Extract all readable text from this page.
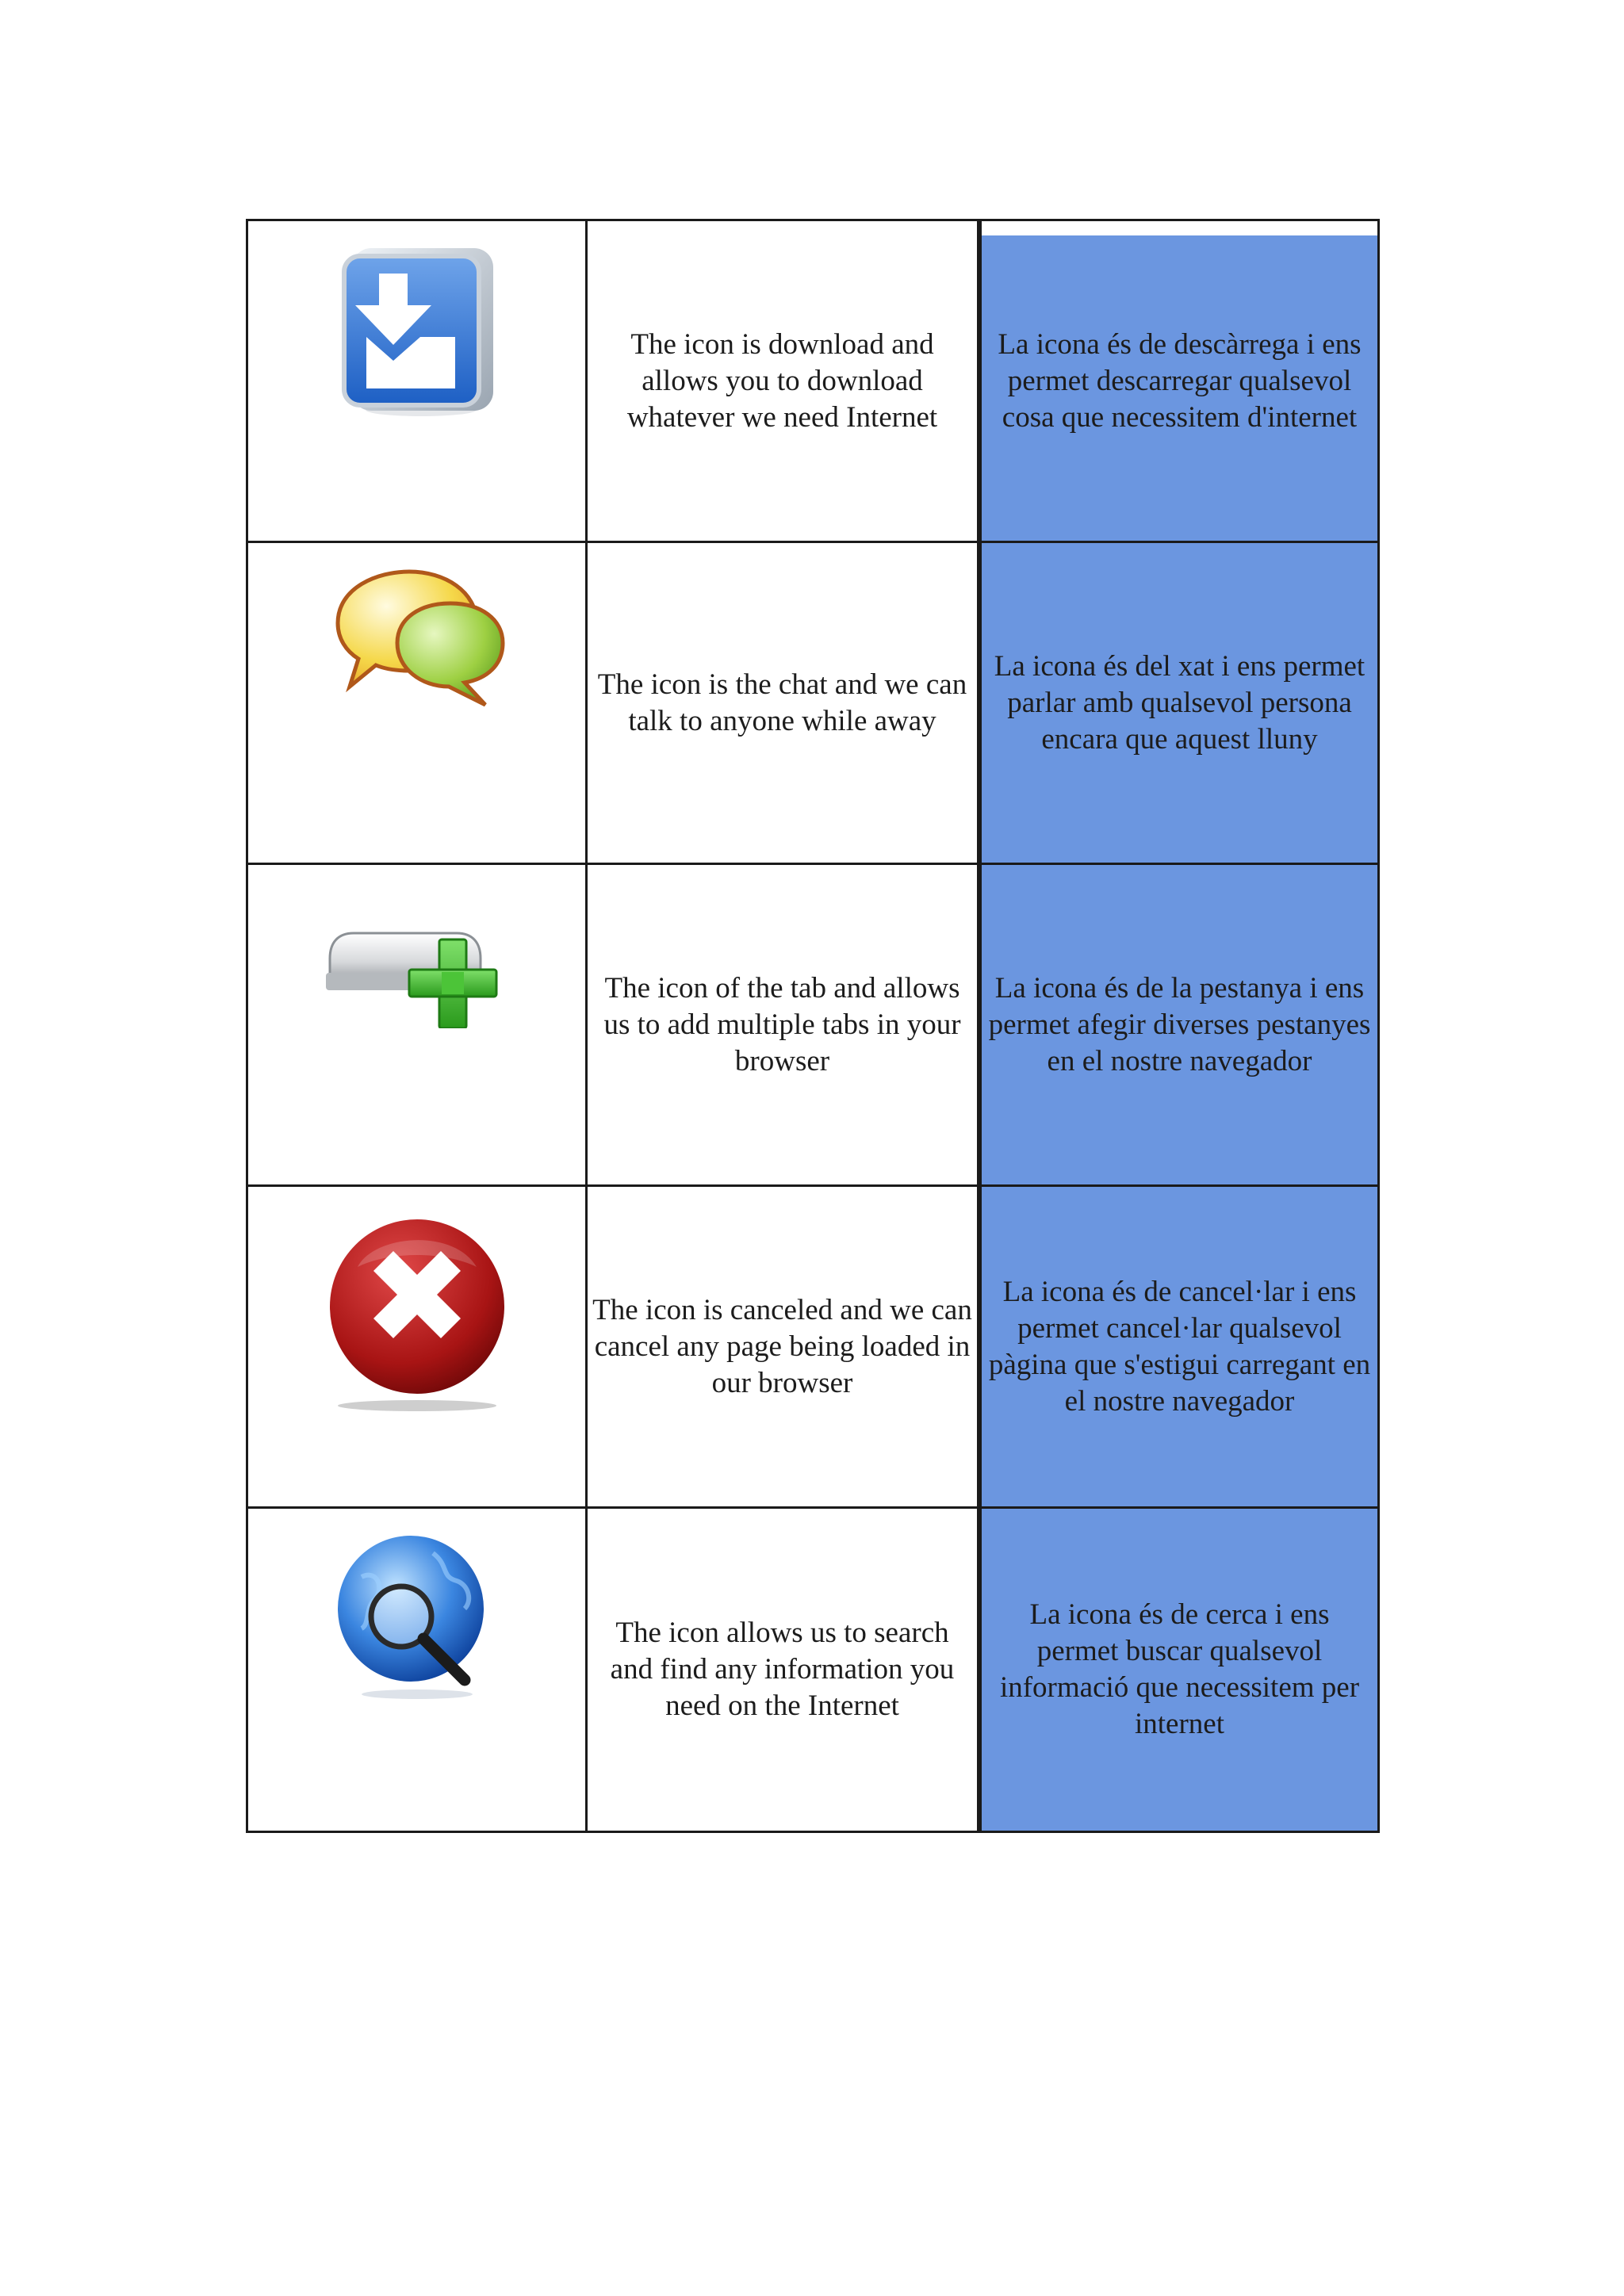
The icon is download and allows you to download whatever we need Internet
La icona és de descàrrega i ens permet descarregar qualsevol cosa que necessitem d'internet
The icon is the chat and we can talk to anyone while away
La icona és del xat i ens permet parlar amb qualsevol persona encara que aquest lluny
The icon of the tab and allows us to add multiple tabs in your browser
La icona és de la pestanya i ens permet afegir diverses pestanyes en el nostre navegador
The icon is canceled and we can cancel any page being loaded in our browser
La icona és de cancel·lar i ens permet cancel·lar qualsevol pàgina que s'estigui carregant en el nostre navegador
The icon allows us to search and find any information you need on the Internet
La icona és de cerca i ens permet buscar qualsevol informació que necessitem per internet
